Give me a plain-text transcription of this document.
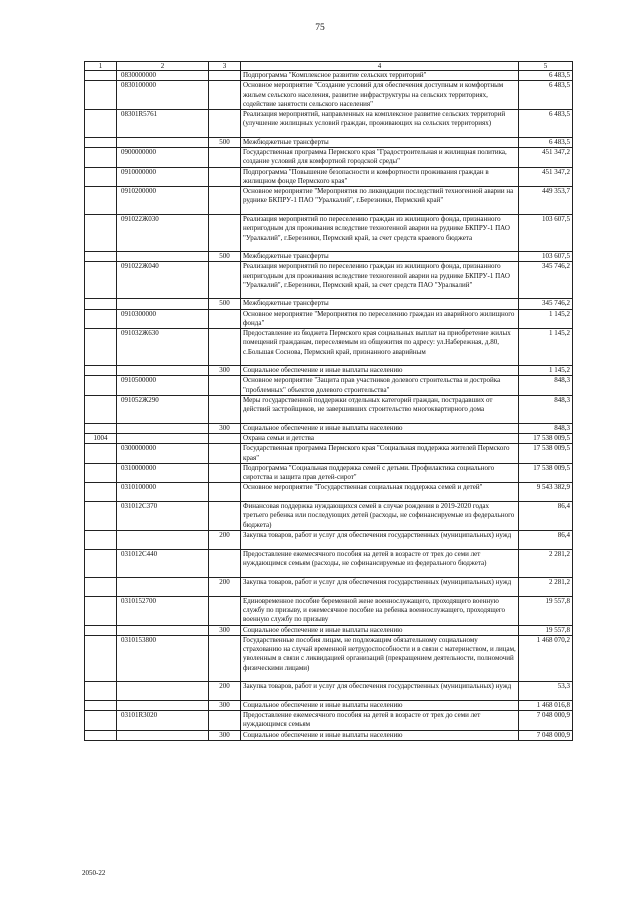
75
1	2	3	4	5
	0830000000		Подпрограмма "Комплексное развитие сельских территорий"	6 483,5
	0830100000		Основное мероприятие "Создание условий для обеспечения доступным и комфортным жильем сельского населения, развитие инфраструктуры на сельских территориях, содействие занятости сельского населения"	6 483,5
	08301R5761		Реализация мероприятий, направленных на комплексное развитие сельских территорий (улучшение жилищных условий граждан, проживающих на сельских территориях)	6 483,5
		500	Межбюджетные трансферты	6 483,5
	0900000000		Государственная программа Пермского края "Градостроительная и жилищная политика, создание условий для комфортной городской среды"	451 347,2
	0910000000		Подпрограмма "Повышение безопасности и комфортности проживания граждан в жилищном фонде Пермского края"	451 347,2
	0910200000		Основное мероприятие "Мероприятия по ликвидации последствий техногенной аварии на руднике БКПРУ-1 ПАО "Уралкалий", г.Березники, Пермский край"	449 353,7
	091022Ж030		Реализация мероприятий по переселению граждан из жилищного фонда, признанного непригодным для проживания вследствие техногенной аварии на руднике БКПРУ-1 ПАО "Уралкалий", г.Березники, Пермский край, за счет средств краевого бюджета	103 607,5
		500	Межбюджетные трансферты	103 607,5
	091022Ж040		Реализация мероприятий по переселению граждан из жилищного фонда, признанного непригодным для проживания вследствие техногенной аварии на руднике БКПРУ-1 ПАО "Уралкалий", г.Березники, Пермский край, за счет средств ПАО "Уралкалий"	345 746,2
		500	Межбюджетные трансферты	345 746,2
	0910300000		Основное мероприятие "Мероприятия по переселению граждан из аварийного жилищного фонда"	1 145,2
	091032Ж630		Предоставление из бюджета Пермского края социальных выплат на приобретение жилых помещений гражданам, переселяемым из общежития по адресу: ул.Набережная, д.80, с.Большая Соснова, Пермский край, признанного аварийным	1 145,2
		300	Социальное обеспечение и иные выплаты населению	1 145,2
	0910500000		Основное мероприятие "Защита прав участников долевого строительства и достройка "проблемных" объектов долевого строительства"	848,3
	091052Ж290		Меры государственной поддержки отдельных категорий граждан, пострадавших от действий застройщиков, не завершивших строительство многоквартирного дома	848,3
		300	Социальное обеспечение и иные выплаты населению	848,3
1004			Охрана семьи и детства	17 538 009,5
	0300000000		Государственная программа Пермского края "Социальная поддержка жителей Пермского края"	17 538 009,5
	0310000000		Подпрограмма "Социальная поддержка семей с детьми. Профилактика социального сиротства и защита прав детей-сирот"	17 538 009,5
	0310100000		Основное мероприятие "Государственная социальная поддержка семей и детей"	9 543 382,9
	031012С370		Финансовая поддержка нуждающихся семей в случае рождения в 2019-2020 годах третьего ребенка или последующих детей (расходы, не софинансируемые из федерального бюджета)	86,4
		200	Закупка товаров, работ и услуг для обеспечения государственных (муниципальных) нужд	86,4
	031012С440		Предоставление ежемесячного пособия на детей в возрасте от трех до семи лет нуждающимся семьям (расходы, не софинансируемые из федерального бюджета)	2 281,2
		200	Закупка товаров, работ и услуг для обеспечения государственных (муниципальных) нужд	2 281,2
	0310152700		Единовременное пособие беременной жене военнослужащего, проходящего военную службу по призыву, и ежемесячное пособие на ребенка военнослужащего, проходящего военную службу по призыву	19 557,8
		300	Социальное обеспечение и иные выплаты населению	19 557,8
	0310153800		Государственные пособия лицам, не подлежащим обязательному социальному страхованию на случай временной нетрудоспособности и в связи с материнством, и лицам, уволенным в связи с ликвидацией организаций (прекращением деятельности, полномочий физическими лицами)	1 468 070,2
		200	Закупка товаров, работ и услуг для обеспечения государственных (муниципальных) нужд	53,3
		300	Социальное обеспечение и иные выплаты населению	1 468 016,8
	03101R3020		Предоставление ежемесячного пособия на детей в возрасте от трех до семи лет нуждающимся семьям	7 048 000,9
		300	Социальное обеспечение и иные выплаты населению	7 048 000,9
2050-22
